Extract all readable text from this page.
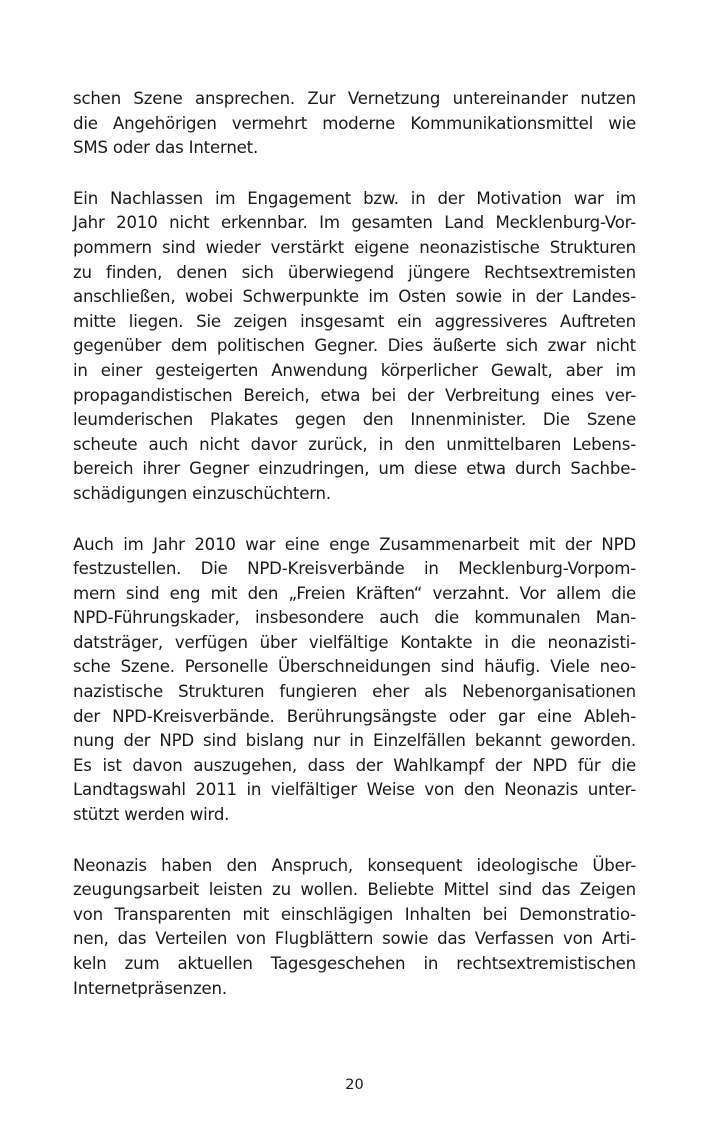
schen Szene ansprechen. Zur Vernetzung untereinander nutzen
die Angehörigen vermehrt moderne Kommunikationsmittel wie
SMS oder das Internet.
Ein Nachlassen im Engagement bzw. in der Motivation war im
Jahr 2010 nicht erkennbar. Im gesamten Land Mecklenburg-Vor-
pommern sind wieder verstärkt eigene neonazistische Strukturen
zu finden, denen sich überwiegend jüngere Rechtsextremisten
anschließen, wobei Schwerpunkte im Osten sowie in der Landes-
mitte liegen. Sie zeigen insgesamt ein aggressiveres Auftreten
gegenüber dem politischen Gegner. Dies äußerte sich zwar nicht
in einer gesteigerten Anwendung körperlicher Gewalt, aber im
propagandistischen Bereich, etwa bei der Verbreitung eines ver-
leumderischen Plakates gegen den Innenminister. Die Szene
scheute auch nicht davor zurück, in den unmittelbaren Lebens-
bereich ihrer Gegner einzudringen, um diese etwa durch Sachbe-
schädigungen einzuschüchtern.
Auch im Jahr 2010 war eine enge Zusammenarbeit mit der NPD
festzustellen. Die NPD-Kreisverbände in Mecklenburg-Vorpom-
mern sind eng mit den „Freien Kräften“ verzahnt. Vor allem die
NPD-Führungskader, insbesondere auch die kommunalen Man-
datsträger, verfügen über vielfältige Kontakte in die neonazisti-
sche Szene. Personelle Überschneidungen sind häufig. Viele neo-
nazistische Strukturen fungieren eher als Nebenorganisationen
der NPD-Kreisverbände. Berührungsängste oder gar eine Ableh-
nung der NPD sind bislang nur in Einzelfällen bekannt geworden.
Es ist davon auszugehen, dass der Wahlkampf der NPD für die
Landtagswahl 2011 in vielfältiger Weise von den Neonazis unter-
stützt werden wird.
Neonazis haben den Anspruch, konsequent ideologische Über-
zeugungsarbeit leisten zu wollen. Beliebte Mittel sind das Zeigen
von Transparenten mit einschlägigen Inhalten bei Demonstratio-
nen, das Verteilen von Flugblättern sowie das Verfassen von Arti-
keln zum aktuellen Tagesgeschehen in rechtsextremistischen
Internetpräsenzen.
20
